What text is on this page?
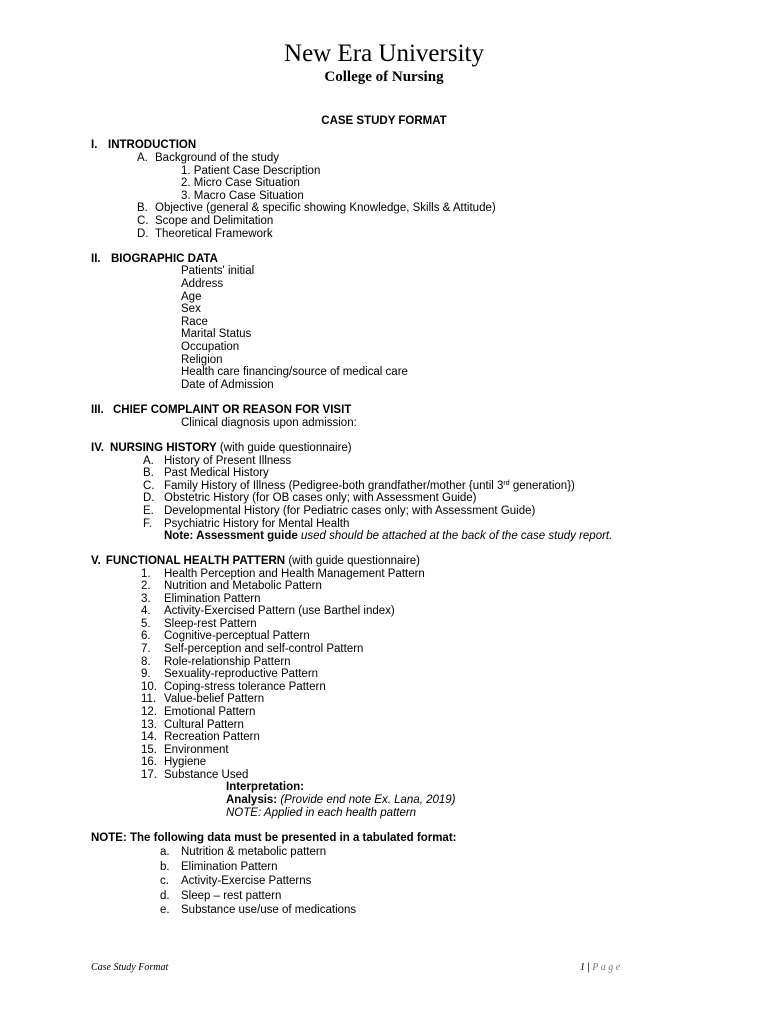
New Era University
College of Nursing
CASE STUDY FORMAT
I. INTRODUCTION
A. Background of the study
1. Patient Case Description
2. Micro Case Situation
3. Macro Case Situation
B. Objective (general & specific showing Knowledge, Skills & Attitude)
C. Scope and Delimitation
D. Theoretical Framework
II. BIOGRAPHIC DATA
Patients' initial
Address
Age
Sex
Race
Marital Status
Occupation
Religion
Health care financing/source of medical care
Date of Admission
III. CHIEF COMPLAINT OR REASON FOR VISIT
Clinical diagnosis upon admission:
IV. NURSING HISTORY (with guide questionnaire)
A. History of Present Illness
B. Past Medical History
C. Family History of Illness (Pedigree-both grandfather/mother {until 3rd generation})
D. Obstetric History (for OB cases only; with Assessment Guide)
E. Developmental History (for Pediatric cases only; with Assessment Guide)
F. Psychiatric History for Mental Health
Note: Assessment guide used should be attached at the back of the case study report.
V. FUNCTIONAL HEALTH PATTERN (with guide questionnaire)
1. Health Perception and Health Management Pattern
2. Nutrition and Metabolic Pattern
3. Elimination Pattern
4. Activity-Exercised Pattern (use Barthel index)
5. Sleep-rest Pattern
6. Cognitive-perceptual Pattern
7. Self-perception and self-control Pattern
8. Role-relationship Pattern
9. Sexuality-reproductive Pattern
10. Coping-stress tolerance Pattern
11. Value-belief Pattern
12. Emotional Pattern
13. Cultural Pattern
14. Recreation Pattern
15. Environment
16. Hygiene
17. Substance Used
Interpretation:
Analysis: (Provide end note Ex. Lana, 2019)
NOTE: Applied in each health pattern
NOTE: The following data must be presented in a tabulated format:
a. Nutrition & metabolic pattern
b. Elimination Pattern
c. Activity-Exercise Patterns
d. Sleep – rest pattern
e. Substance use/use of medications
Case Study Format	1 | Page
